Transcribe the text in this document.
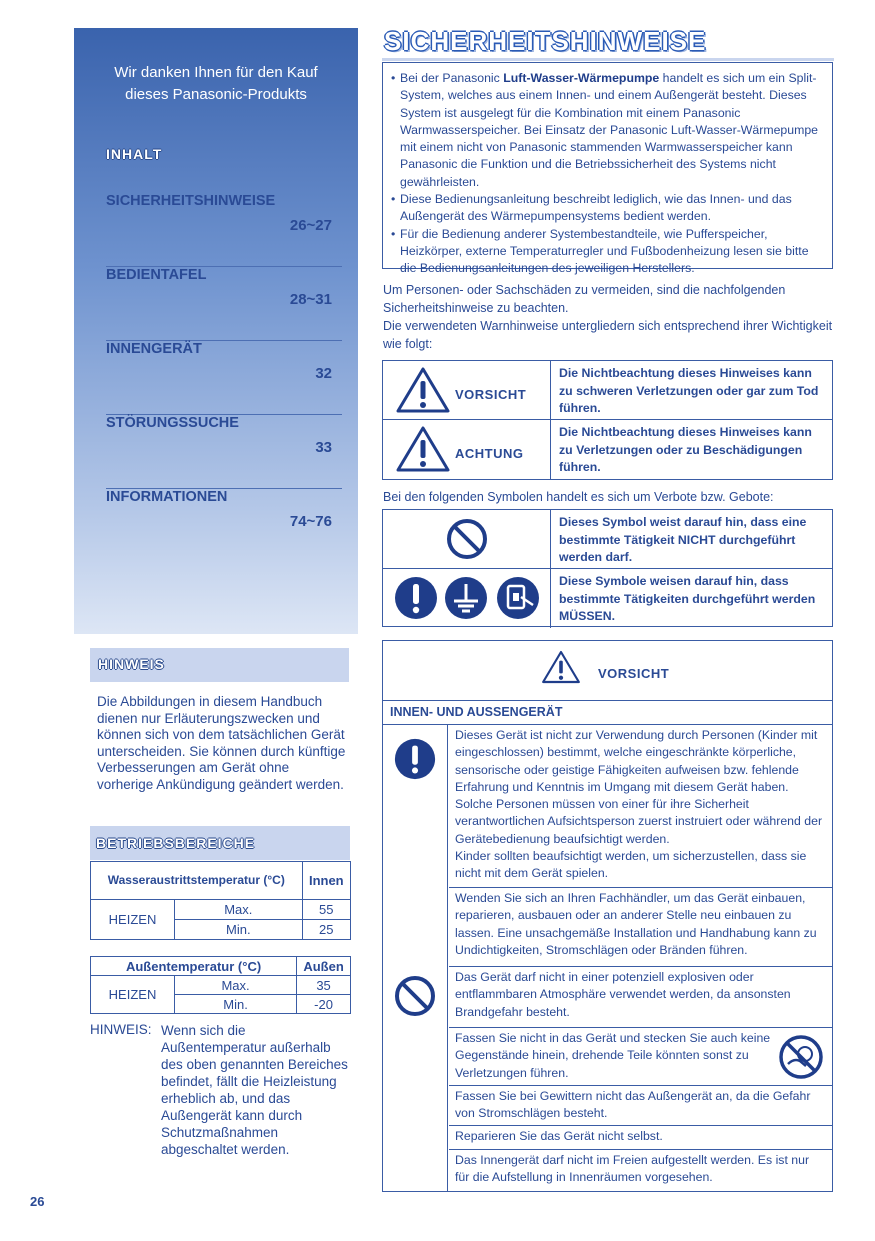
Wir danken Ihnen für den Kauf
dieses Panasonic-Produkts
INHALT
SICHERHEITSHINWEISE
26~27
BEDIENTAFEL
28~31
INNENGERÄT
32
STÖRUNGSSUCHE
33
INFORMATIONEN
74~76
HINWEIS
Die Abbildungen in diesem Handbuch dienen nur Erläuterungszwecken und können sich von dem tatsächlichen Gerät unterscheiden. Sie können durch künftige Verbesserungen am Gerät ohne vorherige Ankündigung geändert werden.
BETRIEBSBEREICHE
Wasseraustrittstemperatur (°C)		Innen
HEIZEN	Max.	55
	Min.	25
Außentemperatur (°C)		Außen
HEIZEN	Max.	35
	Min.	-20
HINWEIS: Wenn sich die Außentemperatur außerhalb des oben genannten Bereiches befindet, fällt die Heizleistung erheblich ab, und das Außengerät kann durch Schutzmaßnahmen abgeschaltet werden.
26
SICHERHEITSHINWEISE
• Bei der Panasonic Luft-Wasser-Wärmepumpe handelt es sich um ein Split-System, welches aus einem Innen- und einem Außengerät besteht. Dieses System ist ausgelegt für die Kombination mit einem Panasonic Warmwasserspeicher. Bei Einsatz der Panasonic Luft-Wasser-Wärmepumpe mit einem nicht von Panasonic stammenden Warmwasserspeicher kann Panasonic die Funktion und die Betriebssicherheit des Systems nicht gewährleisten.
• Diese Bedienungsanleitung beschreibt lediglich, wie das Innen- und das Außengerät des Wärmepumpensystems bedient werden.
• Für die Bedienung anderer Systembestandteile, wie Pufferspeicher, Heizkörper, externe Temperaturregler und Fußbodenheizung lesen sie bitte die Bedienungsanleitungen des jeweiligen Herstellers.
Um Personen- oder Sachschäden zu vermeiden, sind die nachfolgenden Sicherheitshinweise zu beachten.
Die verwendeten Warnhinweise untergliedern sich entsprechend ihrer Wichtigkeit wie folgt:
VORSICHT
Die Nichtbeachtung dieses Hinweises kann zu schweren Verletzungen oder gar zum Tod führen.
ACHTUNG
Die Nichtbeachtung dieses Hinweises kann zu Verletzungen oder zu Beschädigungen führen.
Bei den folgenden Symbolen handelt es sich um Verbote bzw. Gebote:
Dieses Symbol weist darauf hin, dass eine bestimmte Tätigkeit NICHT durchgeführt werden darf.
Diese Symbole weisen darauf hin, dass bestimmte Tätigkeiten durchgeführt werden MÜSSEN.
VORSICHT
INNEN- UND AUSSENGERÄT
Dieses Gerät ist nicht zur Verwendung durch Personen (Kinder mit eingeschlossen) bestimmt, welche eingeschränkte körperliche, sensorische oder geistige Fähigkeiten aufweisen bzw. fehlende Erfahrung und Kenntnis im Umgang mit diesem Gerät haben. Solche Personen müssen von einer für ihre Sicherheit verantwortlichen Aufsichtsperson zuerst instruiert oder während der Gerätebedienung beaufsichtigt werden.
Kinder sollten beaufsichtigt werden, um sicherzustellen, dass sie nicht mit dem Gerät spielen.
Wenden Sie sich an Ihren Fachhändler, um das Gerät einbauen, reparieren, ausbauen oder an anderer Stelle neu einbauen zu lassen. Eine unsachgemäße Installation und Handhabung kann zu Undichtigkeiten, Stromschlägen oder Bränden führen.
Das Gerät darf nicht in einer potenziell explosiven oder entflammbaren Atmosphäre verwendet werden, da ansonsten Brandgefahr besteht.
Fassen Sie nicht in das Gerät und stecken Sie auch keine Gegenstände hinein, drehende Teile könnten sonst zu Verletzungen führen.
Fassen Sie bei Gewittern nicht das Außengerät an, da die Gefahr von Stromschlägen besteht.
Reparieren Sie das Gerät nicht selbst.
Das Innengerät darf nicht im Freien aufgestellt werden. Es ist nur für die Aufstellung in Innenräumen vorgesehen.
